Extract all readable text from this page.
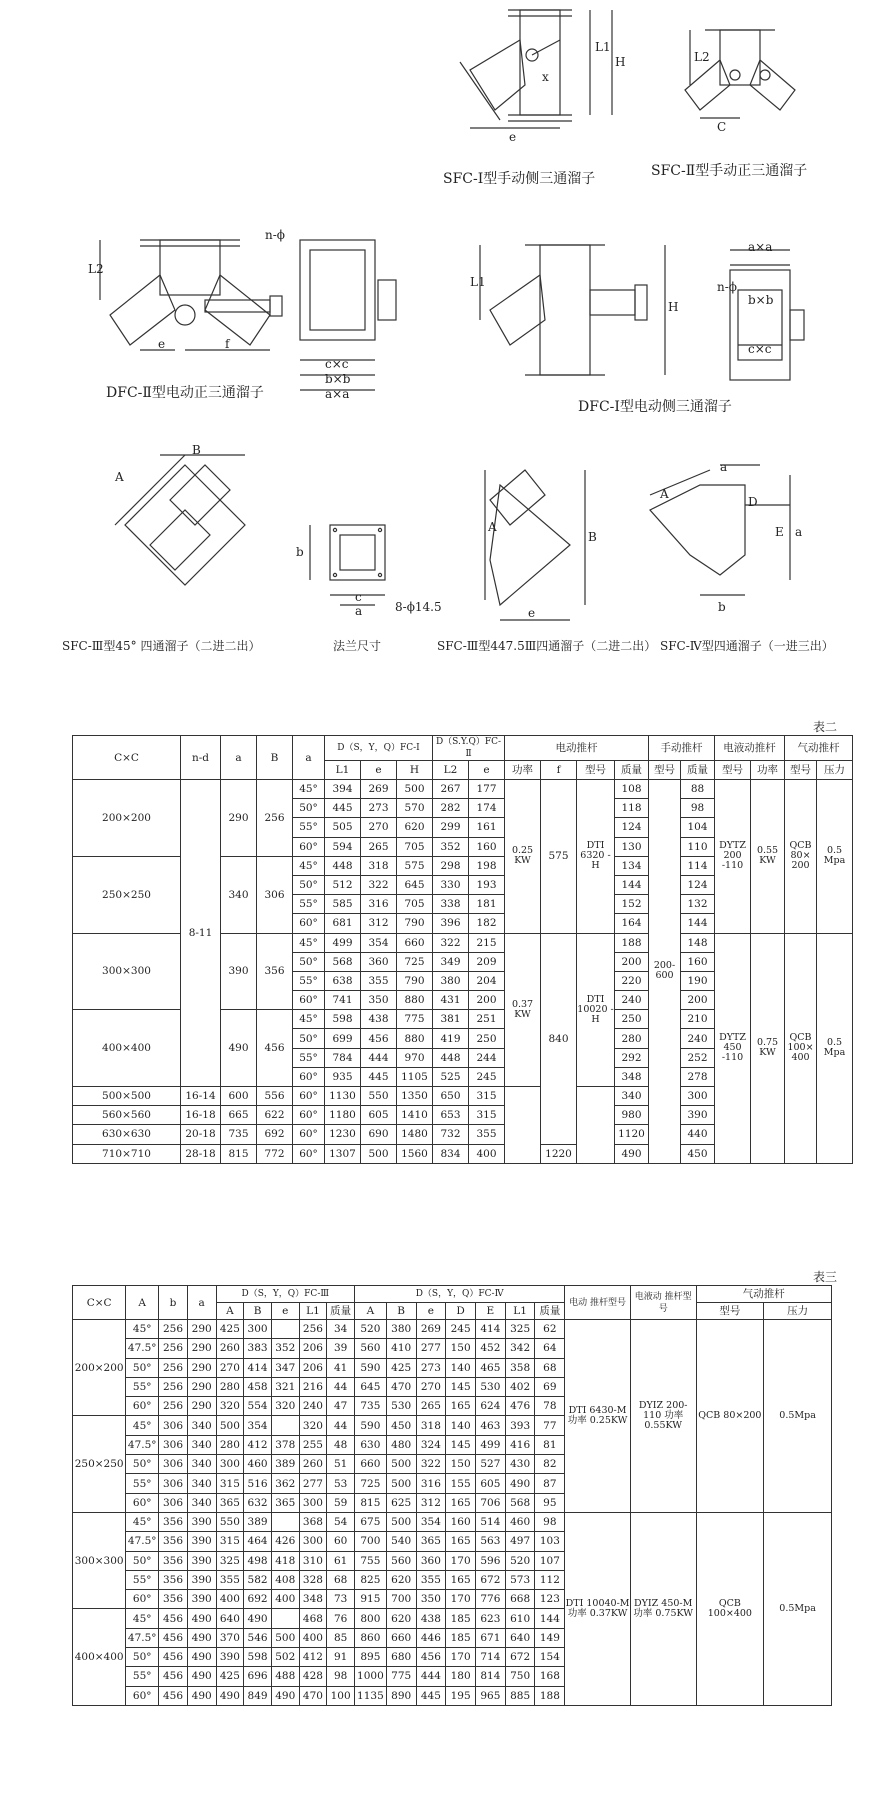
L1
H
e
x
L2
C
L2
e	f
n-ϕ
c×c
b×b
a×a
L1
H
n-ϕ
a×a
b×b
c×c
A
B
8-ϕ14.5
c
a
b
A
B
e
A
a
D
E a
b
SFC-Ⅰ型手动侧三通溜子	SFC-Ⅱ型手动正三通溜子
DFC-Ⅱ型电动正三通溜子
DFC-Ⅰ型电动侧三通溜子
SFC-Ⅲ型45° 四通溜子（二进二出）	法兰尺寸	SFC-Ⅲ型447.5Ⅲ四通溜子（二进二出） SFC-Ⅳ型四通溜子（一进三出）
表二
C×C	n-d	a	B	a	D（S，Y，Q）FC-Ⅰ			D（S.Y.Q）FC-Ⅱ		电动推杆				手动推杆		电液动推杆		气动推杆		
					L1	e	H	L2	e	功率	f	型号	质量	型号	质量	型号	功率	型号	压力	
200×200	8-11	290	256	45°	394	269	500	267	177	0.25 KW	575	DTI 6320 -H	108	200- 600	88	DYTZ 200 -110	0.55 KW	QCB 80× 200	0.5 Mpa	
				50°	445	273	570	282	174				118		98					
				55°	505	270	620	299	161				124		104					
				60°	594	265	705	352	160				130		110					
250×250		340	306	45°	448	318	575	298	198				134		114					
				50°	512	322	645	330	193				144		124					
				55°	585	316	705	338	181				152		132					
				60°	681	312	790	396	182				164		144					
300×300		390	356	45°	499	354	660	322	215	0.37 KW	840	DTI 10020 -H	188		148	DYTZ 450 -110	0.75 KW	QCB 100× 400	0.5 Mpa	
				50°	568	360	725	349	209				200		160					
				55°	638	355	790	380	204				220		190					
				60°	741	350	880	431	200				240		200					
400×400		490	456	45°	598	438	775	381	251				250		210					
				50°	699	456	880	419	250				280		240					
				55°	784	444	970	448	244				292		252					
				60°	935	445	1105	525	245				348		278					
500×500	16-14	600	556	60°	1130	550	1350	650	315				340		300					
560×560	16-18	665	622	60°	1180	605	1410	653	315				980		390	
630×630	20-18	735	692	60°	1230	690	1480	732	355				1120		440	
710×710	28-18	815	772	60°	1307	500	1560	834	400		1220		490		450					
表三
C×C	A	b	a	D（S，Y，Q）FC-Ⅲ					D（S，Y，Q）FC-Ⅳ							电动 推杆型号	电液动 推杆型号	气动推杆	
				A	B	e	L1	质量	A	B	e	D	E	L1	质量			型号	压力
200×200	45°	256	290	425	300		256	34	520	380	269	245	414	325	62	DTI 6430-M 功率 0.25KW	DYIZ 200-110 功率 0.55KW	QCB 80×200	0.5Mpa
	47.5°	256	290	260	383	352	206	39	560	410	277	150	452	342	64				
	50°	256	290	270	414	347	206	41	590	425	273	140	465	358	68				
	55°	256	290	280	458	321	216	44	645	470	270	145	530	402	69				
	60°	256	290	320	554	320	240	47	735	530	265	165	624	476	78				
250×250	45°	306	340	500	354		320	44	590	450	318	140	463	393	77				
	47.5°	306	340	280	412	378	255	48	630	480	324	145	499	416	81				
	50°	306	340	300	460	389	260	51	660	500	322	150	527	430	82				
	55°	306	340	315	516	362	277	53	725	500	316	155	605	490	87				
	60°	306	340	365	632	365	300	59	815	625	312	165	706	568	95				
300×300	45°	356	390	550	389		368	54	675	500	354	160	514	460	98	DTI 10040-M 功率 0.37KW	DYIZ 450-M 功率 0.75KW	QCB 100×400	0.5Mpa
	47.5°	356	390	315	464	426	300	60	700	540	365	165	563	497	103				
	50°	356	390	325	498	418	310	61	755	560	360	170	596	520	107				
	55°	356	390	355	582	408	328	68	825	620	355	165	672	573	112				
	60°	356	390	400	692	400	348	73	915	700	350	170	776	668	123				
400×400	45°	456	490	640	490		468	76	800	620	438	185	623	610	144				
	47.5°	456	490	370	546	500	400	85	860	660	446	185	671	640	149				
	50°	456	490	390	598	502	412	91	895	680	456	170	714	672	154				
	55°	456	490	425	696	488	428	98	1000	775	444	180	814	750	168				
	60°	456	490	490	849	490	470	100	1135	890	445	195	965	885	188				
